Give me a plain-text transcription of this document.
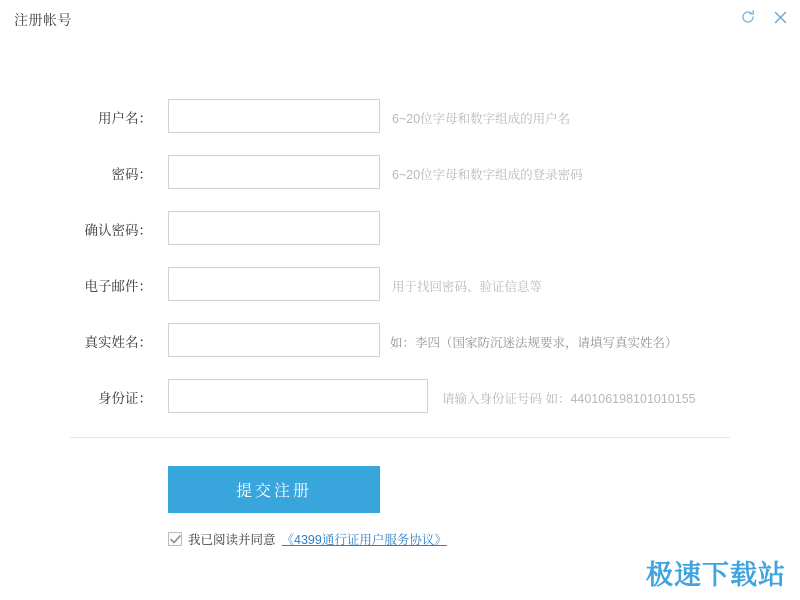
注册帐号
用户名：	6~20位字母和数字组成的用户名
密码：	6~20位字母和数字组成的登录密码
确认密码：
电子邮件：	用于找回密码、验证信息等
真实姓名：	如：李四（国家防沉迷法规要求，请填写真实姓名）
身份证：	请输入身份证号码 如：440106198101010155
提交注册
我已阅读并同意 《4399通行证用户服务协议》
极速下载站
